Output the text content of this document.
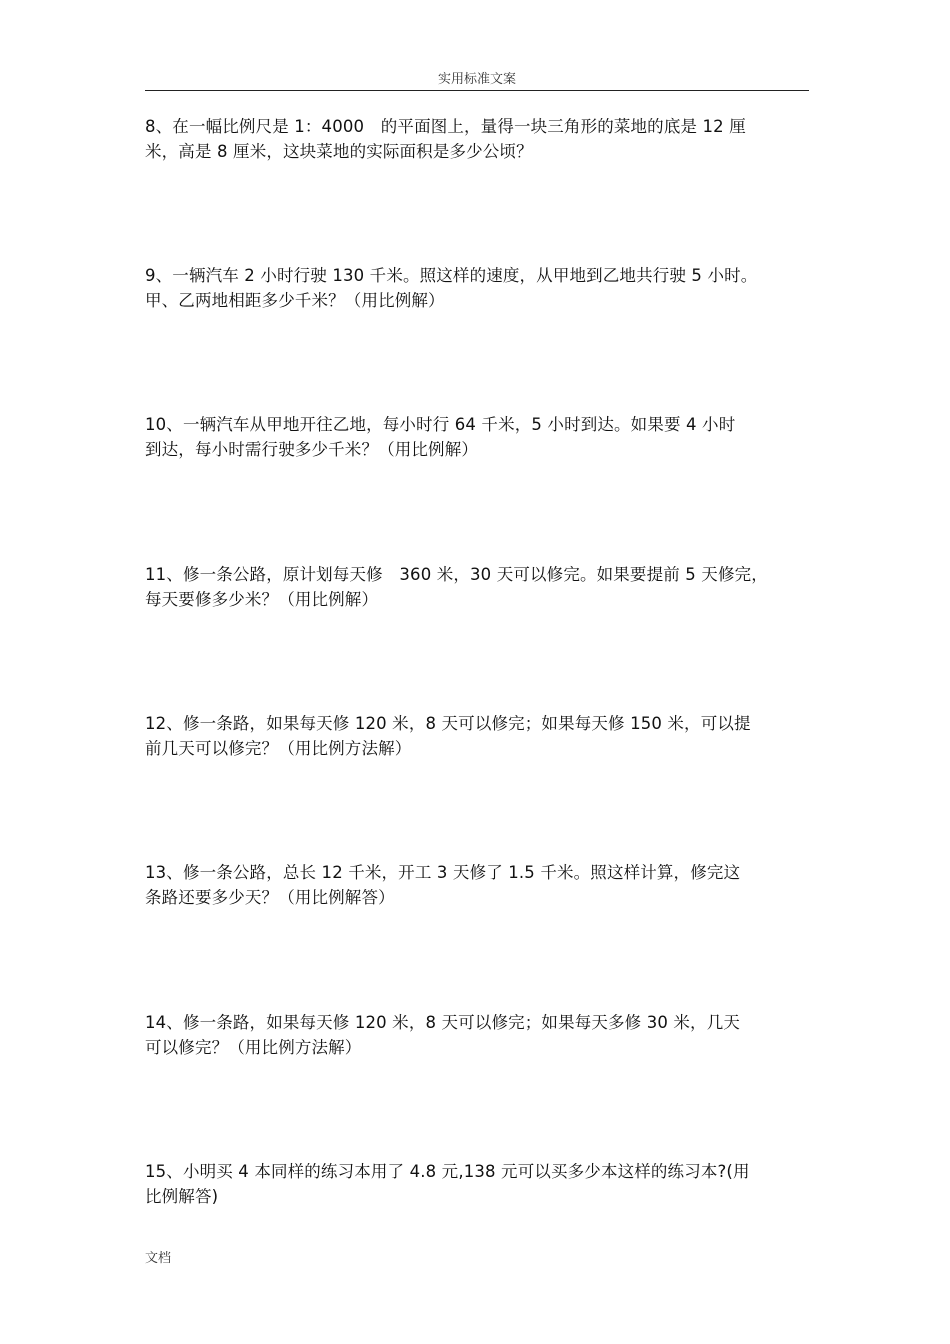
实用标准文案
8、在一幅比例尺是 1：4000　的平面图上，量得一块三角形的菜地的底是 12 厘
米，高是 8 厘米，这块菜地的实际面积是多少公顷？
9、一辆汽车 2 小时行驶 130 千米。照这样的速度，从甲地到乙地共行驶 5 小时。
甲、乙两地相距多少千米？（用比例解）
10、一辆汽车从甲地开往乙地，每小时行 64 千米，5 小时到达。如果要 4 小时
到达，每小时需行驶多少千米？（用比例解）
11、修一条公路，原计划每天修　360 米，30 天可以修完。如果要提前 5 天修完，
每天要修多少米？（用比例解）
12、修一条路，如果每天修 120 米，8 天可以修完；如果每天修 150 米，可以提
前几天可以修完？（用比例方法解）
13、修一条公路，总长 12 千米，开工 3 天修了 1.5 千米。照这样计算，修完这
条路还要多少天？（用比例解答）
14、修一条路，如果每天修 120 米，8 天可以修完；如果每天多修 30 米，几天
可以修完？（用比例方法解）
15、小明买 4 本同样的练习本用了 4.8 元,138 元可以买多少本这样的练习本?(用
比例解答)
文档
